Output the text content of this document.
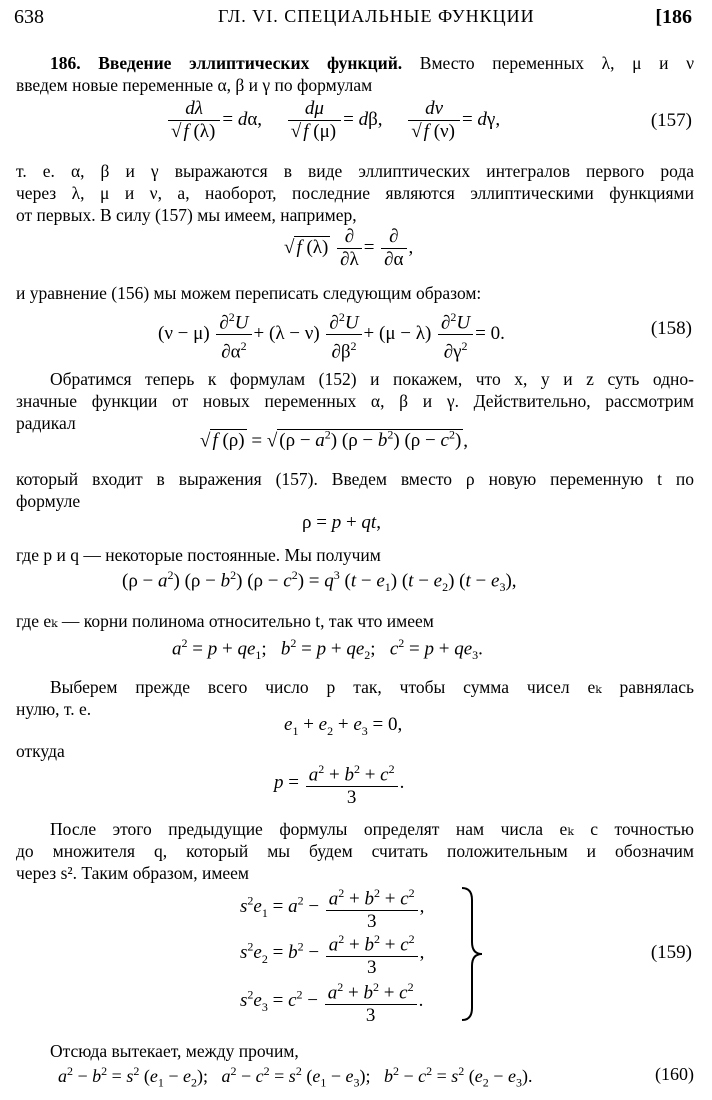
638	ГЛ. VI. СПЕЦИАЛЬНЫЕ ФУНКЦИИ	[186
186. Введение эллиптических функций. Вместо переменных λ, μ и ν
введем новые переменные α, β и γ по формулам
$\frac{d\lambda}{√ f (\lambda)} = d\alpha$, $\frac{d\mu}{√ f (\mu)} = d\beta$, $\frac{d\nu}{√ f (\nu)} = d\gamma$,	(157)
т. е. α, β и γ выражаются в виде эллиптических интегралов первого рода
через λ, μ и ν, а, наоборот, последние являются эллиптическими функциями
от первых. В силу (157) мы имеем, например,
√ f $(\lambda) \frac{\partial}{\partial\lambda} = \frac{\partial}{\partial\alpha}$ ,
и уравнение (156) мы можем переписать следующим образом:
$(\nu - \mu) \frac{\partial^2U}{\partial\alpha^2} + (\lambda - \nu) \frac{\partial^2U}{\partial\beta^2} + (\mu - \lambda) \frac{\partial^2U}{\partial\gamma^2} = 0$.	(158)
Обратимся теперь к формулам (152) и покажем, что x, y и z суть одно-
значные функции от новых переменных α, β и γ. Действительно, рассмотрим
радикал
√ f (ρ) = √ $(\rho - a^2)$ $(\rho - b^2)$ $(\rho - c^2)$ ,
который входит в выражения (157). Введем вместо ρ новую переменную t по
формуле
ρ = p + qt,
где p и q — некоторые постоянные. Мы получим
$(\rho - a^2)$ $(\rho - b^2)$ $(\rho - c^2) = q^3$ $(t - e_1)$ $(t - e_2)$ $(t - e_3)$,
где eₖ — корни полинома относительно t, так что имеем
$a^2 = p + qe_1$;   $b^2 = p + qe_2$;   $c^2 = p + qe_3$.
Выберем прежде всего число p так, чтобы сумма чисел eₖ равнялась
нулю, т. е.
$e_1 + e_2 + e_3 = 0$,
откуда
$p = \frac{a^2 + b^2 + c^2}{3}$ .
После этого предыдущие формулы определят нам числа eₖ с точностью
до множителя q, который мы будем считать положительным и обозначим
через s². Таким образом, имеем
$s^2e_1 = a^2 - \frac{a^2 + b^2 + c^2}{3}$ ,
$s^2e_2 = b^2 - \frac{a^2 + b^2 + c^2}{3}$ ,
$s^2e_3 = c^2 - \frac{a^2 + b^2 + c^2}{3}$ .
(159)
Отсюда вытекает, между прочим,
$a^2 - b^2 = s^2$ $(e_1 - e_2)$;   $a^2 - c^2 = s^2$ $(e_1 - e_3)$;   $b^2 - c^2 = s^2$ $(e_2 - e_3)$.	(160)
